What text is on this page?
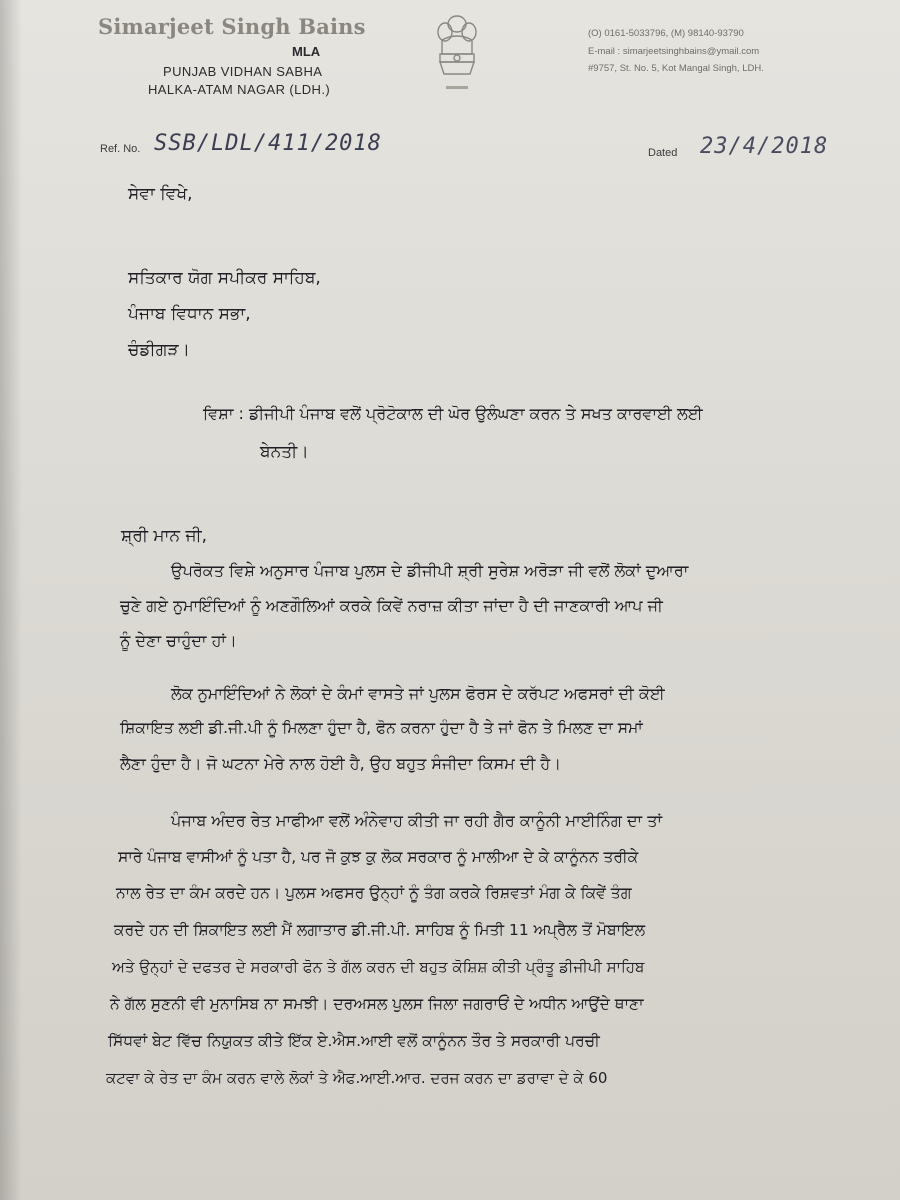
Simarjeet Singh Bains
MLA
PUNJAB VIDHAN SABHA
HALKA-ATAM NAGAR (LDH.)
(O) 0161-5033796, (M) 98140-93790
E-mail : simarjeetsinghbains@ymail.com
#9757, St. No. 5, Kot Mangal Singh, LDH.
Ref. No. SSB/LDL/411/2018	Dated 23/4/2018
ਸੇਵਾ ਵਿਖੇ,
ਸਤਿਕਾਰ ਯੋਗ ਸਪੀਕਰ ਸਾਹਿਬ,
ਪੰਜਾਬ ਵਿਧਾਨ ਸਭਾ,
ਚੰਡੀਗੜ।
ਵਿਸ਼ਾ : ਡੀਜੀਪੀ ਪੰਜਾਬ ਵਲੋਂ ਪ੍ਰੋਟੋਕਾਲ ਦੀ ਘੋਰ ਉਲੰਘਣਾ ਕਰਨ ਤੇ ਸਖਤ ਕਾਰਵਾਈ ਲਈ
ਬੇਨਤੀ।
ਸ਼੍ਰੀ ਮਾਨ ਜੀ,
ਉਪਰੋਕਤ ਵਿਸ਼ੇ ਅਨੁਸਾਰ ਪੰਜਾਬ ਪੁਲਸ ਦੇ ਡੀਜੀਪੀ ਸ਼੍ਰੀ ਸੁਰੇਸ਼ ਅਰੋੜਾ ਜੀ ਵਲੋਂ ਲੋਕਾਂ ਦੁਆਰਾ
ਚੁਣੇ ਗਏ ਨੁਮਾਇੰਦਿਆਂ ਨੂੰ ਅਣਗੌਲਿਆਂ ਕਰਕੇ ਕਿਵੇਂ ਨਰਾਜ਼ ਕੀਤਾ ਜਾਂਦਾ ਹੈ ਦੀ ਜਾਣਕਾਰੀ ਆਪ ਜੀ
ਨੂੰ ਦੇਣਾ ਚਾਹੁੰਦਾ ਹਾਂ।
ਲੋਕ ਨੁਮਾਇੰਦਿਆਂ ਨੇ ਲੋਕਾਂ ਦੇ ਕੰਮਾਂ ਵਾਸਤੇ ਜਾਂ ਪੁਲਸ ਫੋਰਸ ਦੇ ਕਰੱਪਟ ਅਫਸਰਾਂ ਦੀ ਕੋਈ
ਸ਼ਿਕਾਇਤ ਲਈ ਡੀ.ਜੀ.ਪੀ ਨੂੰ ਮਿਲਣਾ ਹੁੰਦਾ ਹੈ, ਫੋਨ ਕਰਨਾ ਹੁੰਦਾ ਹੈ ਤੇ ਜਾਂ ਫੋਨ ਤੇ ਮਿਲਣ ਦਾ ਸਮਾਂ
ਲੈਣਾ ਹੁੰਦਾ ਹੈ। ਜੋ ਘਟਨਾ ਮੇਰੇ ਨਾਲ ਹੋਈ ਹੈ, ਉਹ ਬਹੁਤ ਸੰਜੀਦਾ ਕਿਸਮ ਦੀ ਹੈ।
ਪੰਜਾਬ ਅੰਦਰ ਰੇਤ ਮਾਫੀਆ ਵਲੋਂ ਅੰਨੇਵਾਹ ਕੀਤੀ ਜਾ ਰਹੀ ਗੈਰ ਕਾਨੂੰਨੀ ਮਾਈਨਿੰਗ ਦਾ ਤਾਂ
ਸਾਰੇ ਪੰਜਾਬ ਵਾਸੀਆਂ ਨੂੰ ਪਤਾ ਹੈ, ਪਰ ਜੋ ਕੁਝ ਕੁ ਲੋਕ ਸਰਕਾਰ ਨੂੰ ਮਾਲੀਆ ਦੇ ਕੇ ਕਾਨੂੰਨਨ ਤਰੀਕੇ
ਨਾਲ ਰੇਤ ਦਾ ਕੰਮ ਕਰਦੇ ਹਨ। ਪੁਲਸ ਅਫਸਰ ਉਨ੍ਹਾਂ ਨੂੰ ਤੰਗ ਕਰਕੇ ਰਿਸ਼ਵਤਾਂ ਮੰਗ ਕੇ ਕਿਵੇਂ ਤੰਗ
ਕਰਦੇ ਹਨ ਦੀ ਸ਼ਿਕਾਇਤ ਲਈ ਮੈਂ ਲਗਾਤਾਰ ਡੀ.ਜੀ.ਪੀ. ਸਾਹਿਬ ਨੂੰ ਮਿਤੀ 11 ਅਪ੍ਰੈਲ ਤੋਂ ਮੋਬਾਇਲ
ਅਤੇ ਉਨ੍ਹਾਂ ਦੇ ਦਫਤਰ ਦੇ ਸਰਕਾਰੀ ਫੋਨ ਤੇ ਗੱਲ ਕਰਨ ਦੀ ਬਹੁਤ ਕੋਸ਼ਿਸ਼ ਕੀਤੀ ਪ੍ਰੰਤੂ ਡੀਜੀਪੀ ਸਾਹਿਬ
ਨੇ ਗੱਲ ਸੁਣਨੀ ਵੀ ਮੁਨਾਸਿਬ ਨਾ ਸਮਝੀ। ਦਰਅਸਲ ਪੁਲਸ ਜਿਲਾ ਜਗਰਾਓਂ ਦੇ ਅਧੀਨ ਆਉਂਦੇ ਥਾਣਾ
ਸਿੱਧਵਾਂ ਬੇਟ ਵਿੱਚ ਨਿਯੁਕਤ ਕੀਤੇ ਇੱਕ ਏ.ਐਸ.ਆਈ ਵਲੋਂ ਕਾਨੂੰਨਨ ਤੌਰ ਤੇ ਸਰਕਾਰੀ ਪਰਚੀ
ਕਟਵਾ ਕੇ ਰੇਤ ਦਾ ਕੰਮ ਕਰਨ ਵਾਲੇ ਲੋਕਾਂ ਤੇ ਐਫ.ਆਈ.ਆਰ. ਦਰਜ ਕਰਨ ਦਾ ਡਰਾਵਾ ਦੇ ਕੇ 60
